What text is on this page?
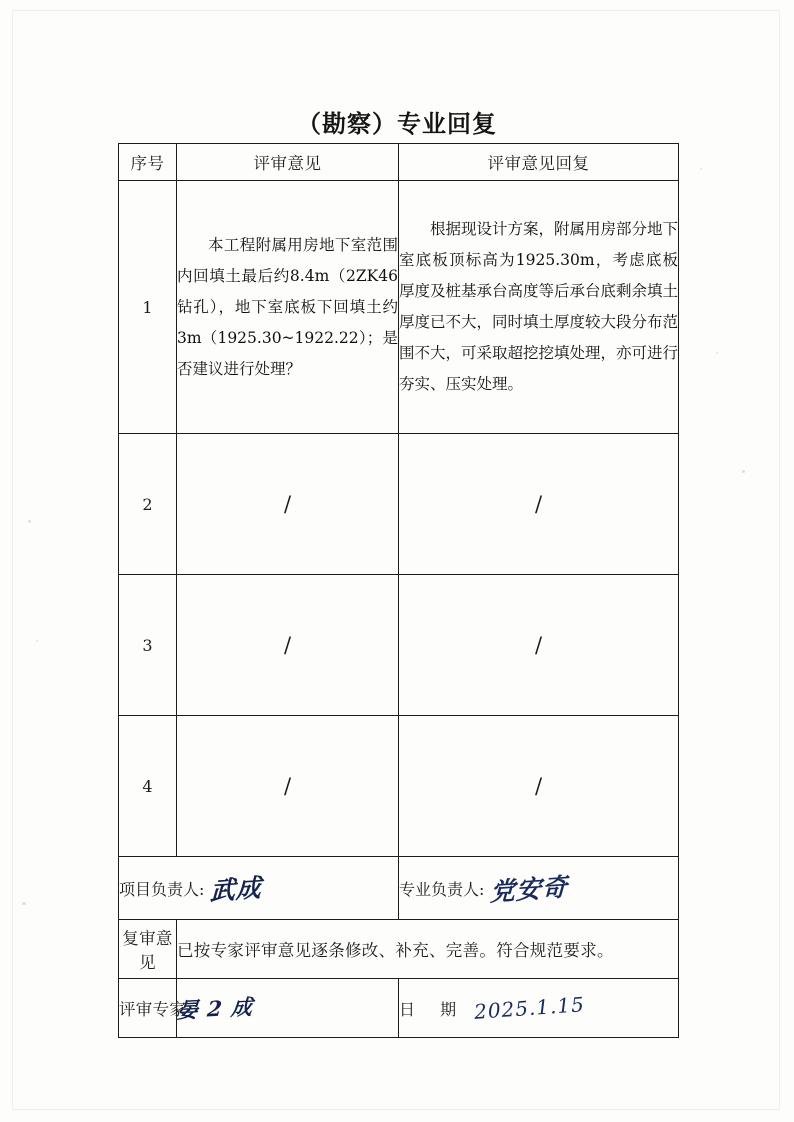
（勘察）专业回复
序号	评审意见	评审意见回复
1	本工程附属用房地下室范围内回填土最后约8.4m（2ZK46钻孔），地下室底板下回填土约 3m（1925.30~1922.22）；是否建议进行处理？	根据现设计方案，附属用房部分地下室底板顶标高为1925.30m，考虑底板厚度及桩基承台高度等后承台底剩余填土厚度已不大，同时填土厚度较大段分布范围不大，可采取超挖挖填处理，亦可进行夯实、压实处理。

2	/	/
3	/	/
4	/	/

项目负责人: 武成		专业负责人: 党安奇

复审意见	已按专家评审意见逐条修改、补充、完善。符合规范要求。	

评审专家	晏 2 成	日 期 2025.1.15
